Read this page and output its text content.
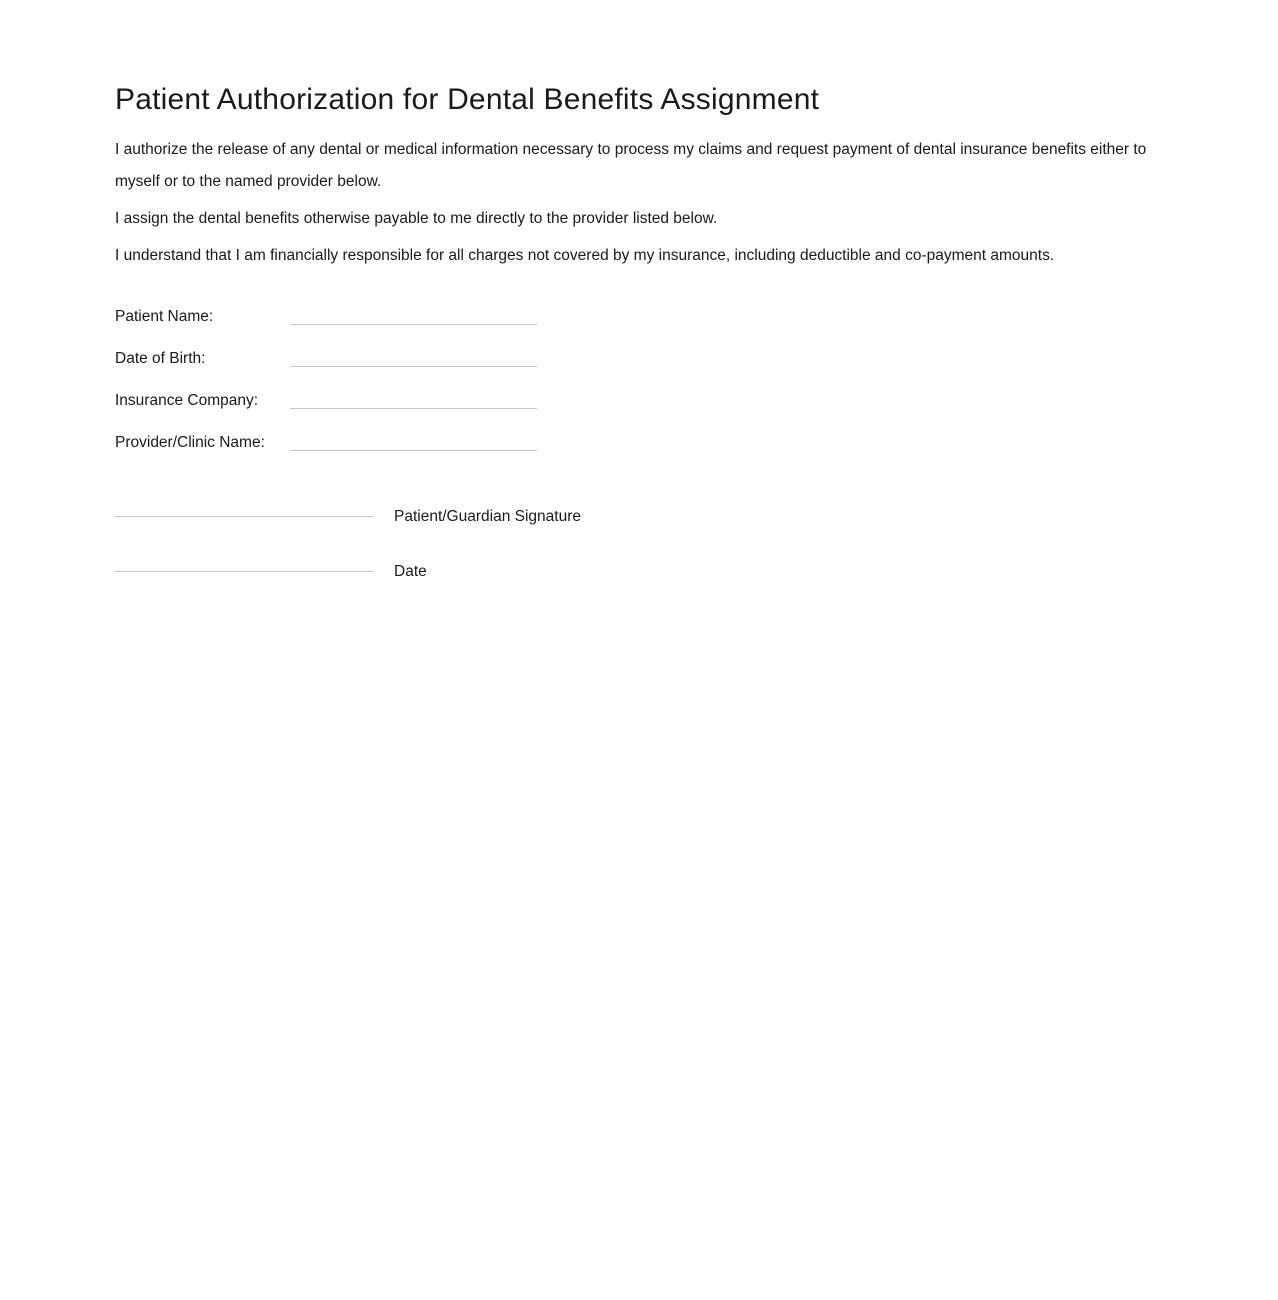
Patient Authorization for Dental Benefits Assignment

I authorize the release of any dental or medical information necessary to process my claims and request payment of dental insurance benefits either to myself or to the named provider below.

I assign the dental benefits otherwise payable to me directly to the provider listed below.

I understand that I am financially responsible for all charges not covered by my insurance, including deductible and co-payment amounts.

Patient Name:
Date of Birth:
Insurance Company:
Provider/Clinic Name:
Patient/Guardian Signature
Date
